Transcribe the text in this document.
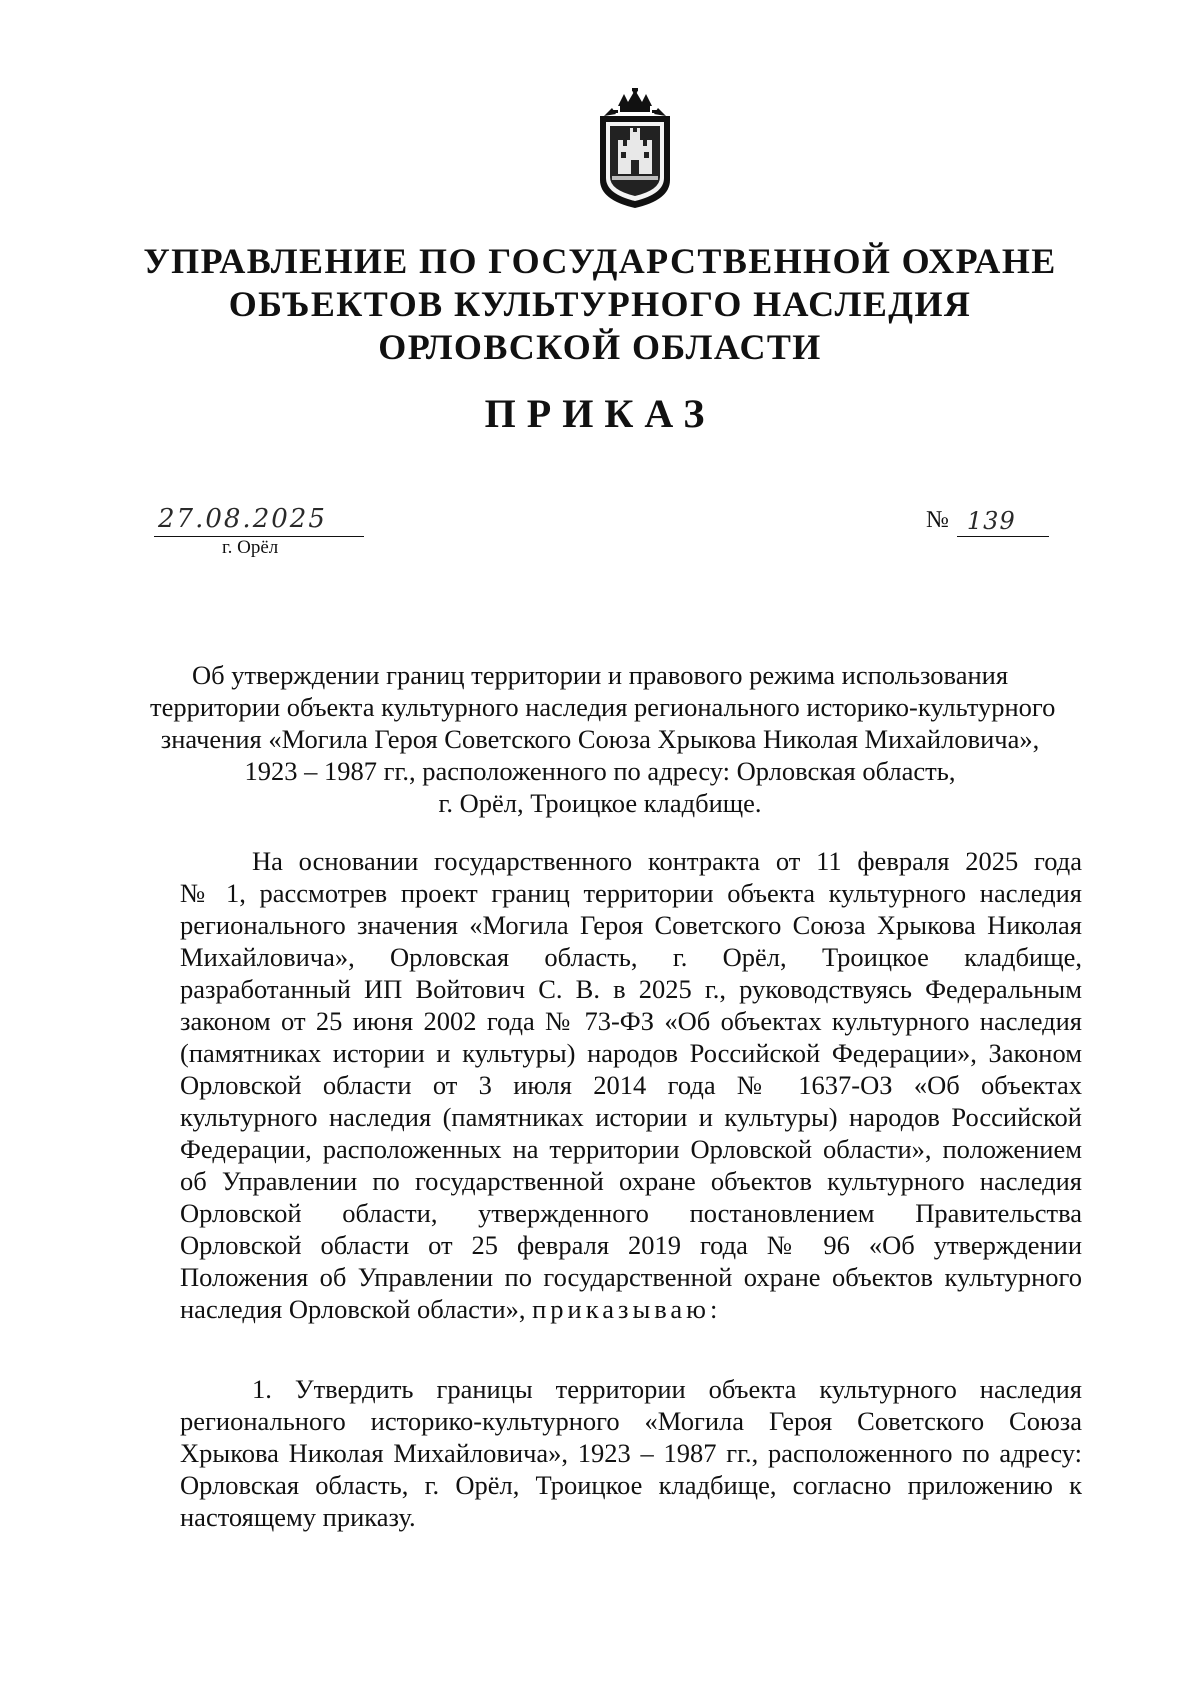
УПРАВЛЕНИЕ ПО ГОСУДАРСТВЕННОЙ ОХРАНЕ
ОБЪЕКТОВ КУЛЬТУРНОГО НАСЛЕДИЯ
ОРЛОВСКОЙ ОБЛАСТИ
ПРИКАЗ
27.08.2025
г. Орёл
№ 139
Об утверждении границ территории и правового режима использования
территории объекта культурного наследия регионального историко-культурного
значения «Могила Героя Советского Союза Хрыкова Николая Михайловича»,
1923 – 1987 гг., расположенного по адресу: Орловская область,
г. Орёл, Троицкое кладбище.
На основании государственного контракта от 11 февраля 2025 года
№ 1, рассмотрев проект границ территории объекта культурного наследия
регионального значения «Могила Героя Советского Союза Хрыкова Николая
Михайловича», Орловская область, г. Орёл, Троицкое кладбище,
разработанный ИП Войтович С. В. в 2025 г., руководствуясь Федеральным
законом от 25 июня 2002 года № 73-ФЗ «Об объектах культурного наследия
(памятниках истории и культуры) народов Российской Федерации», Законом
Орловской области от 3 июля 2014 года № 1637-ОЗ «Об объектах
культурного наследия (памятниках истории и культуры) народов Российской
Федерации, расположенных на территории Орловской области», положением
об Управлении по государственной охране объектов культурного наследия
Орловской области, утвержденного постановлением Правительства
Орловской области от 25 февраля 2019 года № 96 «Об утверждении
Положения об Управлении по государственной охране объектов культурного
наследия Орловской области», приказываю:
1. Утвердить границы территории объекта культурного наследия
регионального историко-культурного «Могила Героя Советского Союза
Хрыкова Николая Михайловича», 1923 – 1987 гг., расположенного по адресу:
Орловская область, г. Орёл, Троицкое кладбище, согласно приложению к
настоящему приказу.
